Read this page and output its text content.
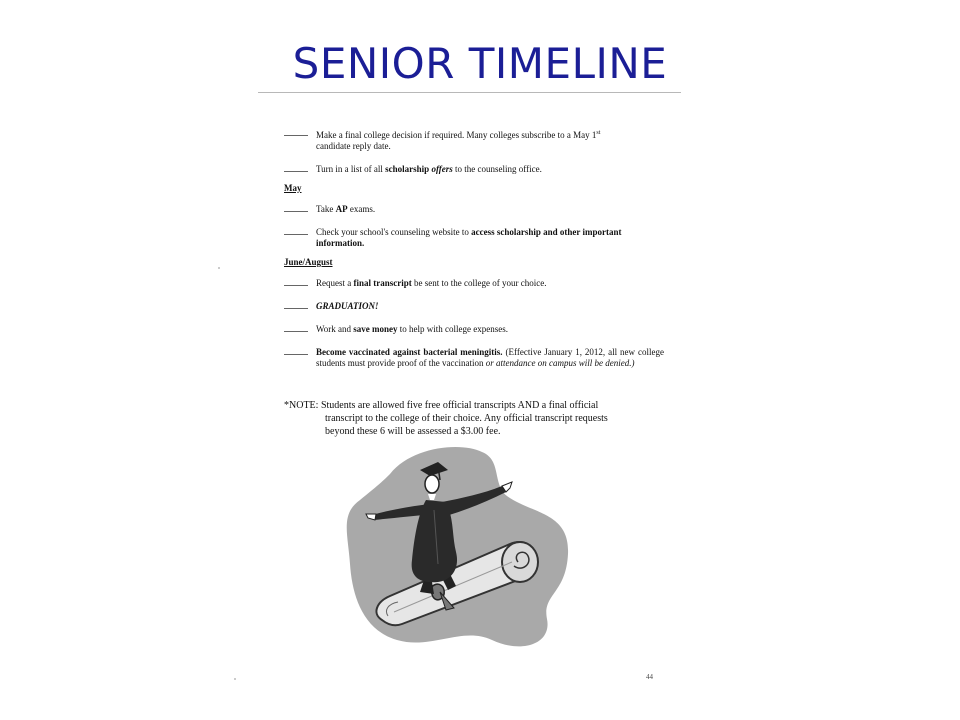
SENIOR TIMELINE
Make a final college decision if required. Many colleges subscribe to a May 1st
candidate reply date.
Turn in a list of all scholarship offers to the counseling office.
May
Take AP exams.
Check your school's counseling website to access scholarship and other important information.
June/August
Request a final transcript be sent to the college of your choice.
GRADUATION!
Work and save money to help with college expenses.
Become vaccinated against bacterial meningitis. (Effective January 1, 2012, all new college students must provide proof of the vaccination or attendance on campus will be denied.)
*NOTE: Students are allowed five free official transcripts AND a final official
transcript to the college of their choice. Any official transcript requests
beyond these 6 will be assessed a $3.00 fee.
44
